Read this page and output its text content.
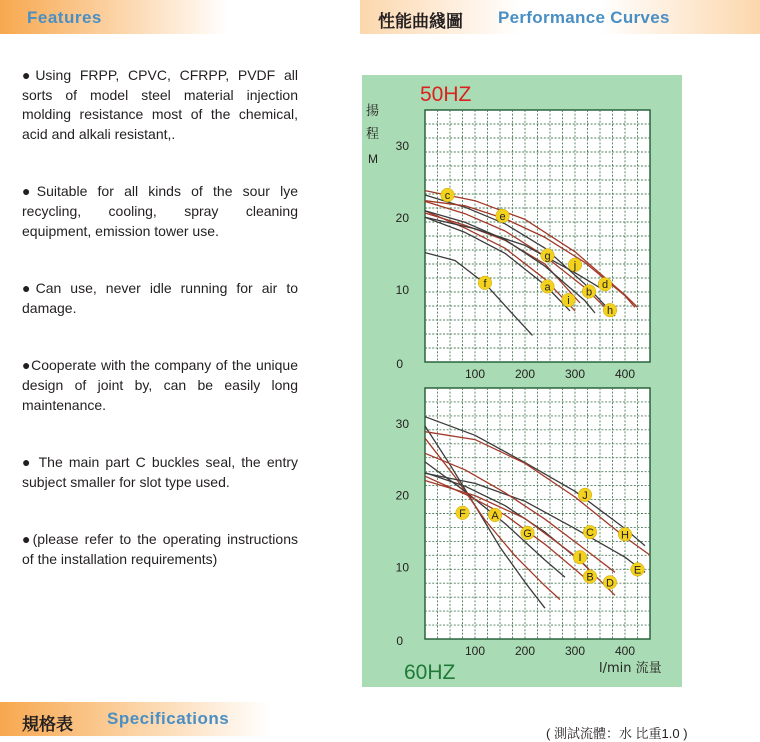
Features	性能曲綫圖 Performance Curves

●Using FRPP, CPVC, CFRPP, PVDF all sorts of model steel material injection molding resistance most of the chemical, acid and alkali resistant,.

●Suitable for all kinds of the sour lye recycling, cooling, spray cleaning equipment, emission tower use.

●Can use, never idle running for air to damage.

●Cooperate with the company of the unique design of joint by, can be easily long maintenance.

● The main part C buckles seal, the entry subject smaller for slot type used.

●(please refer to the operating instructions of the installation requirements)

100 200 300 400
10
20
30
0
f
c
a
g
i
b
h
e
j
d
100 200 300 400
10
20
30
0
F A
G
I
B D
E
C
J
H
50HZ
60HZ
揚
程
M
l/min 流量
規格表 Specifications
( 測試流體：水 比重1.0 )
